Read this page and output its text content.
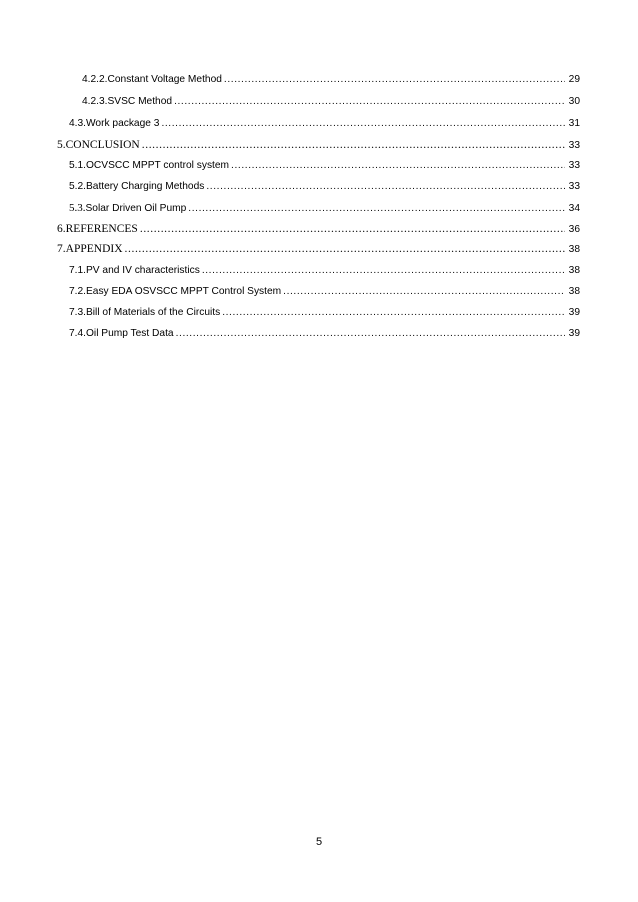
4.2.2. Constant Voltage Method .....	29
4.2.3. SVSC Method .....	30
4.3. Work package 3 .....	31
5. CONCLUSION .....	33
5.1. OCVSCC MPPT control system .....	33
5.2. Battery Charging Methods .....	33
5.3. Solar Driven Oil Pump .....	34
6. REFERENCES .....	36
7. APPENDIX .....	38
7.1. PV and IV characteristics .....	38
7.2. Easy EDA OSVSCC MPPT Control System .....	38
7.3. Bill of Materials of the Circuits .....	39
7.4. Oil Pump Test Data .....	39
5
